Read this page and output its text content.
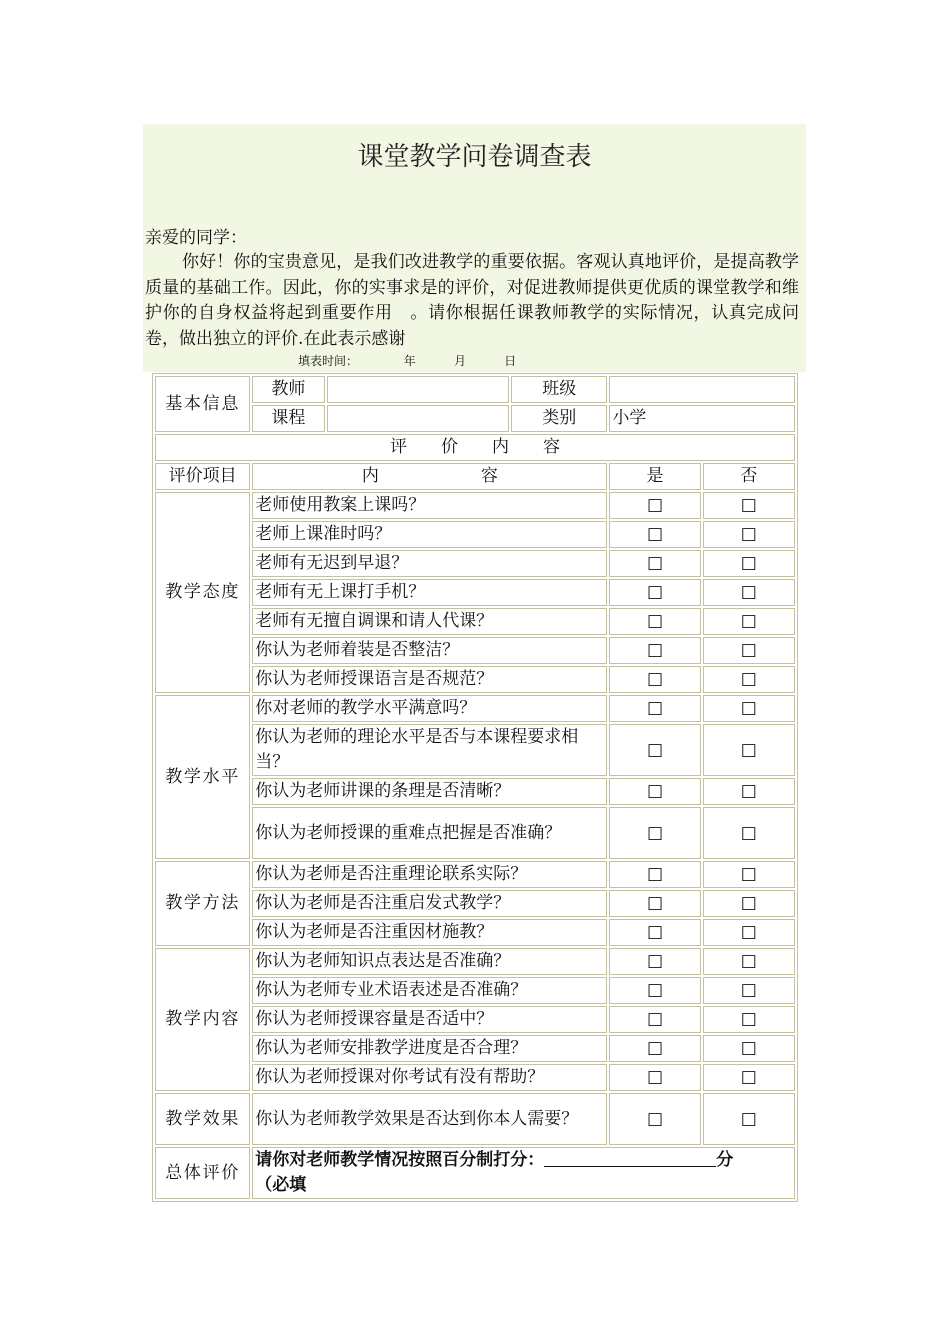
课堂教学问卷调查表
亲爱的同学：
你好！你的宝贵意见，是我们改进教学的重要依据。客观认真地评价，是提高教学质量的基础工作。因此，你的实事求是的评价，对促进教师提供更优质的课堂教学和维护你的自身权益将起到重要作用　。请你根据任课教师教学的实际情况，认真完成问卷，做出独立的评价.在此表示感谢
填表时间：	年	月	日
基本信息	教师		班级		
	课程		类别	小学	
评　　价　　内　　容					
评价项目	内　　　　　　容			是	否
教学态度	老师使用教案上课吗？			□	□
	老师上课准时吗？			□	□
	老师有无迟到早退？			□	□
	老师有无上课打手机？			□	□
	老师有无擅自调课和请人代课？			□	□
	你认为老师着装是否整洁？			□	□
	你认为老师授课语言是否规范？			□	□
教学水平	你对老师的教学水平满意吗？			□	□
	你认为老师的理论水平是否与本课程要求相当？			□	□
	你认为老师讲课的条理是否清晰？			□	□
	你认为老师授课的重难点把握是否准确？			□	□
教学方法	你认为老师是否注重理论联系实际？			□	□
	你认为老师是否注重启发式教学？			□	□
	你认为老师是否注重因材施教？			□	□
教学内容	你认为老师知识点表达是否准确？			□	□
	你认为老师专业术语表述是否准确？			□	□
	你认为老师授课容量是否适中？			□	□
	你认为老师安排教学进度是否合理？			□	□
	你认为老师授课对你考试有没有帮助？			□	□
教学效果	你认为老师教学效果是否达到你本人需要？			□	□
总体评价	请你对老师教学情况按照百分制打分： 分
（必填				
